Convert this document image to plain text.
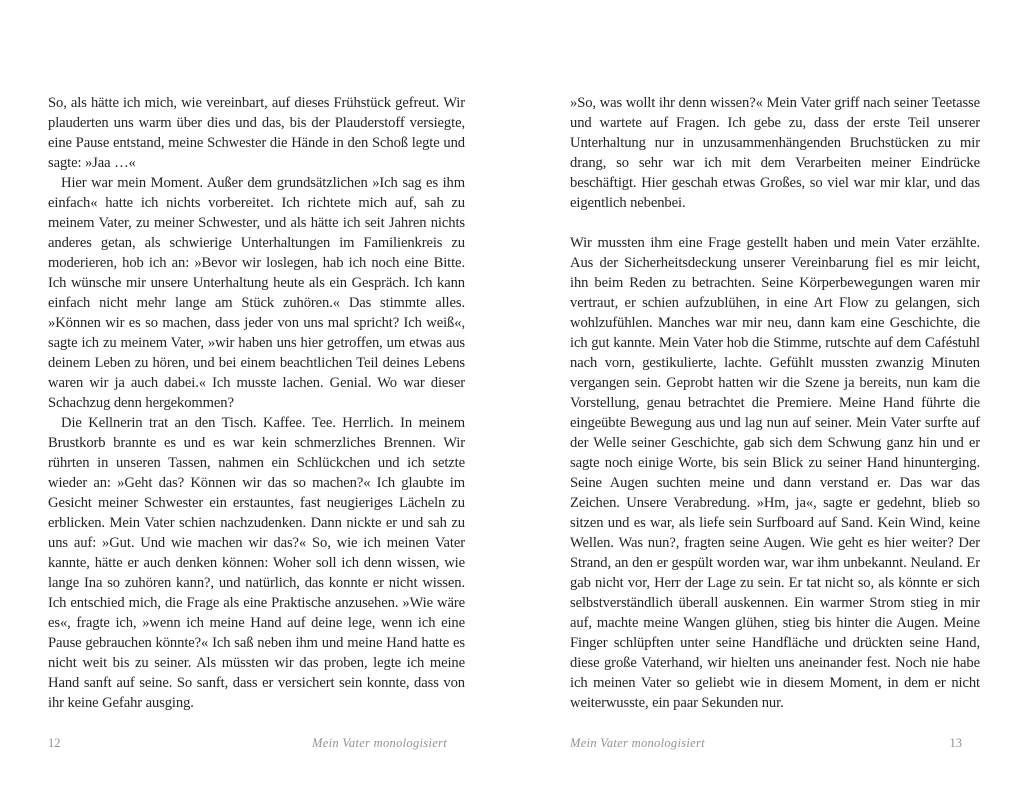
So, als hätte ich mich, wie vereinbart, auf dieses Frühstück gefreut. Wir plauderten uns warm über dies und das, bis der Plauderstoff versiegte, eine Pause entstand, meine Schwester die Hände in den Schoß legte und sagte: »Jaa …«

Hier war mein Moment. Außer dem grundsätzlichen »Ich sag es ihm einfach« hatte ich nichts vorbereitet. Ich richtete mich auf, sah zu meinem Vater, zu meiner Schwester, und als hätte ich seit Jahren nichts anderes getan, als schwierige Unterhaltungen im Familienkreis zu moderieren, hob ich an: »Bevor wir loslegen, hab ich noch eine Bitte. Ich wünsche mir unsere Unterhaltung heute als ein Gespräch. Ich kann einfach nicht mehr lange am Stück zuhören.« Das stimmte alles. »Können wir es so machen, dass jeder von uns mal spricht? Ich weiß«, sagte ich zu meinem Vater, »wir haben uns hier getroffen, um etwas aus deinem Leben zu hören, und bei einem beachtlichen Teil deines Lebens waren wir ja auch dabei.« Ich musste lachen. Genial. Wo war dieser Schachzug denn hergekommen?

Die Kellnerin trat an den Tisch. Kaffee. Tee. Herrlich. In meinem Brustkorb brannte es und es war kein schmerzliches Brennen. Wir rührten in unseren Tassen, nahmen ein Schlückchen und ich setzte wieder an: »Geht das? Können wir das so machen?« Ich glaubte im Gesicht meiner Schwester ein erstauntes, fast neugieriges Lächeln zu erblicken. Mein Vater schien nachzudenken. Dann nickte er und sah zu uns auf: »Gut. Und wie machen wir das?« So, wie ich meinen Vater kannte, hätte er auch denken können: Woher soll ich denn wissen, wie lange Ina so zuhören kann?, und natürlich, das konnte er nicht wissen. Ich entschied mich, die Frage als eine Praktische anzusehen. »Wie wäre es«, fragte ich, »wenn ich meine Hand auf deine lege, wenn ich eine Pause gebrauchen könnte?« Ich saß neben ihm und meine Hand hatte es nicht weit bis zu seiner. Als müssten wir das proben, legte ich meine Hand sanft auf seine. So sanft, dass er versichert sein konnte, dass von ihr keine Gefahr ausging.

12	Mein Vater monologisiert

»So, was wollt ihr denn wissen?« Mein Vater griff nach seiner Teetasse und wartete auf Fragen. Ich gebe zu, dass der erste Teil unserer Unterhaltung nur in unzusammenhängenden Bruchstücken zu mir drang, so sehr war ich mit dem Verarbeiten meiner Eindrücke beschäftigt. Hier geschah etwas Großes, so viel war mir klar, und das eigentlich nebenbei.

Wir mussten ihm eine Frage gestellt haben und mein Vater erzählte. Aus der Sicherheitsdeckung unserer Vereinbarung fiel es mir leicht, ihn beim Reden zu betrachten. Seine Körperbewegungen waren mir vertraut, er schien aufzublühen, in eine Art Flow zu gelangen, sich wohlzufühlen. Manches war mir neu, dann kam eine Geschichte, die ich gut kannte. Mein Vater hob die Stimme, rutschte auf dem Caféstuhl nach vorn, gestikulierte, lachte. Gefühlt mussten zwanzig Minuten vergangen sein. Geprobt hatten wir die Szene ja bereits, nun kam die Vorstellung, genau betrachtet die Premiere. Meine Hand führte die eingeübte Bewegung aus und lag nun auf seiner. Mein Vater surfte auf der Welle seiner Geschichte, gab sich dem Schwung ganz hin und er sagte noch einige Worte, bis sein Blick zu seiner Hand hinunterging. Seine Augen suchten meine und dann verstand er. Das war das Zeichen. Unsere Verabredung. »Hm, ja«, sagte er gedehnt, blieb so sitzen und es war, als liefe sein Surfboard auf Sand. Kein Wind, keine Wellen. Was nun?, fragten seine Augen. Wie geht es hier weiter? Der Strand, an den er gespült worden war, war ihm unbekannt. Neuland. Er gab nicht vor, Herr der Lage zu sein. Er tat nicht so, als könnte er sich selbstverständlich überall auskennen. Ein warmer Strom stieg in mir auf, machte meine Wangen glühen, stieg bis hinter die Augen. Meine Finger schlüpften unter seine Handfläche und drückten seine Hand, diese große Vaterhand, wir hielten uns aneinander fest. Noch nie habe ich meinen Vater so geliebt wie in diesem Moment, in dem er nicht weiterwusste, ein paar Sekunden nur.

Mein Vater monologisiert	13
